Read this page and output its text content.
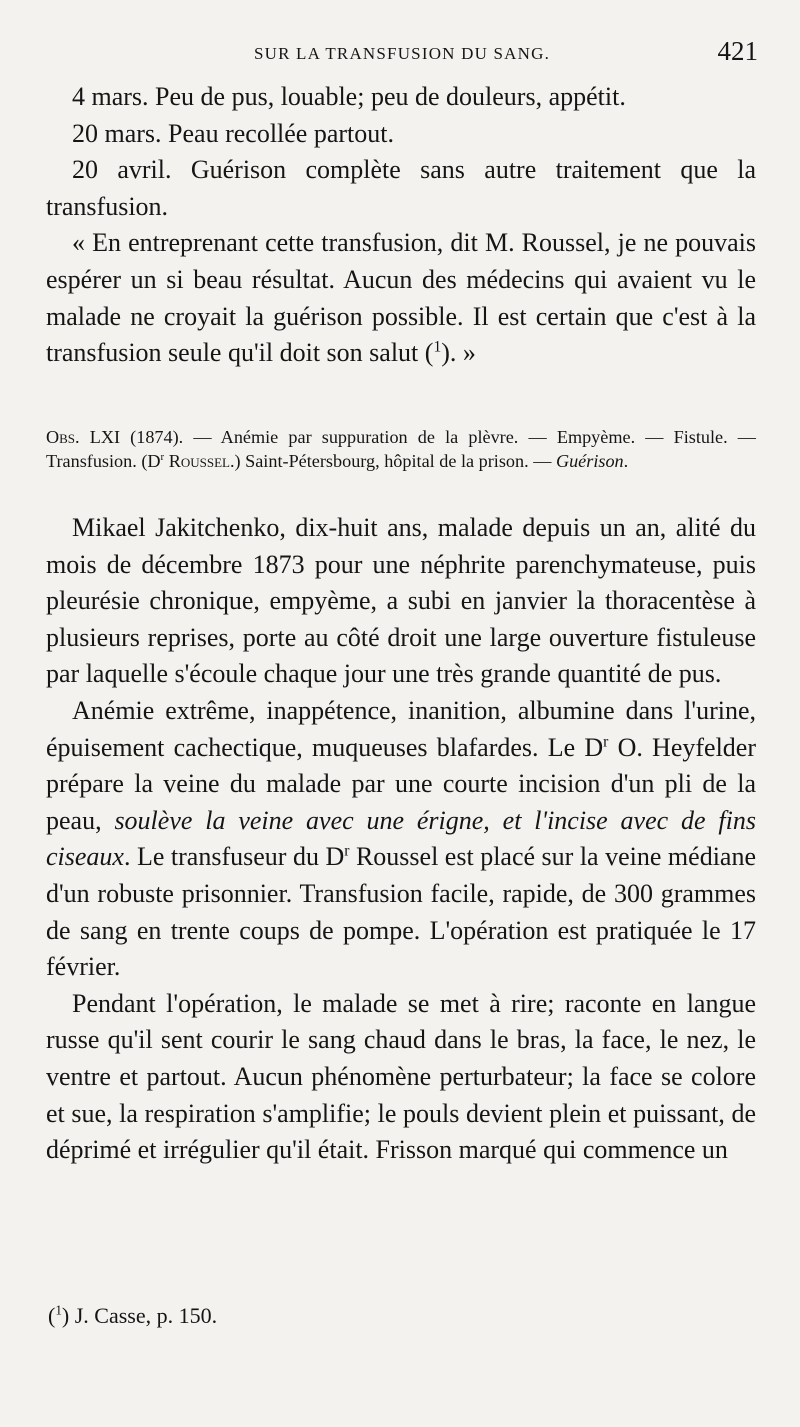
SUR LA TRANSFUSION DU SANG.	421

4 mars. Peu de pus, louable; peu de douleurs, appétit.

20 mars. Peau recollée partout.

20 avril. Guérison complète sans autre traitement que la transfusion.

« En entreprenant cette transfusion, dit M. Roussel, je ne pouvais espérer un si beau résultat. Aucun des médecins qui avaient vu le malade ne croyait la guérison possible. Il est certain que c'est à la transfusion seule qu'il doit son salut ($^1$). »

Obs. LXI (1874). — Anémie par suppuration de la plèvre. — Empyème. — Fistule. — Transfusion. ($D^r$ Roussel.) Saint-Pétersbourg, hôpital de la prison. — Guérison.

Mikael Jakitchenko, dix-huit ans, malade depuis un an, alité du mois de décembre 1873 pour une néphrite parenchymateuse, puis pleurésie chronique, empyème, a subi en janvier la thoracentèse à plusieurs reprises, porte au côté droit une large ouverture fistuleuse par laquelle s'écoule chaque jour une très grande quantité de pus.

Anémie extrême, inappétence, inanition, albumine dans l'urine, épuisement cachectique, muqueuses blafardes. Le $D^r$ O. Heyfelder prépare la veine du malade par une courte incision d'un pli de la peau, soulève la veine avec une érigne, et l'incise avec de fins ciseaux. Le transfuseur du $D^r$ Roussel est placé sur la veine médiane d'un robuste prisonnier. Transfusion facile, rapide, de 300 grammes de sang en trente coups de pompe. L'opération est pratiquée le 17 février.

Pendant l'opération, le malade se met à rire; raconte en langue russe qu'il sent courir le sang chaud dans le bras, la face, le nez, le ventre et partout. Aucun phénomène perturbateur; la face se colore et sue, la respiration s'amplifie; le pouls devient plein et puissant, de déprimé et irrégulier qu'il était. Frisson marqué qui commence un

($^1$) J. Casse, p. 150.
